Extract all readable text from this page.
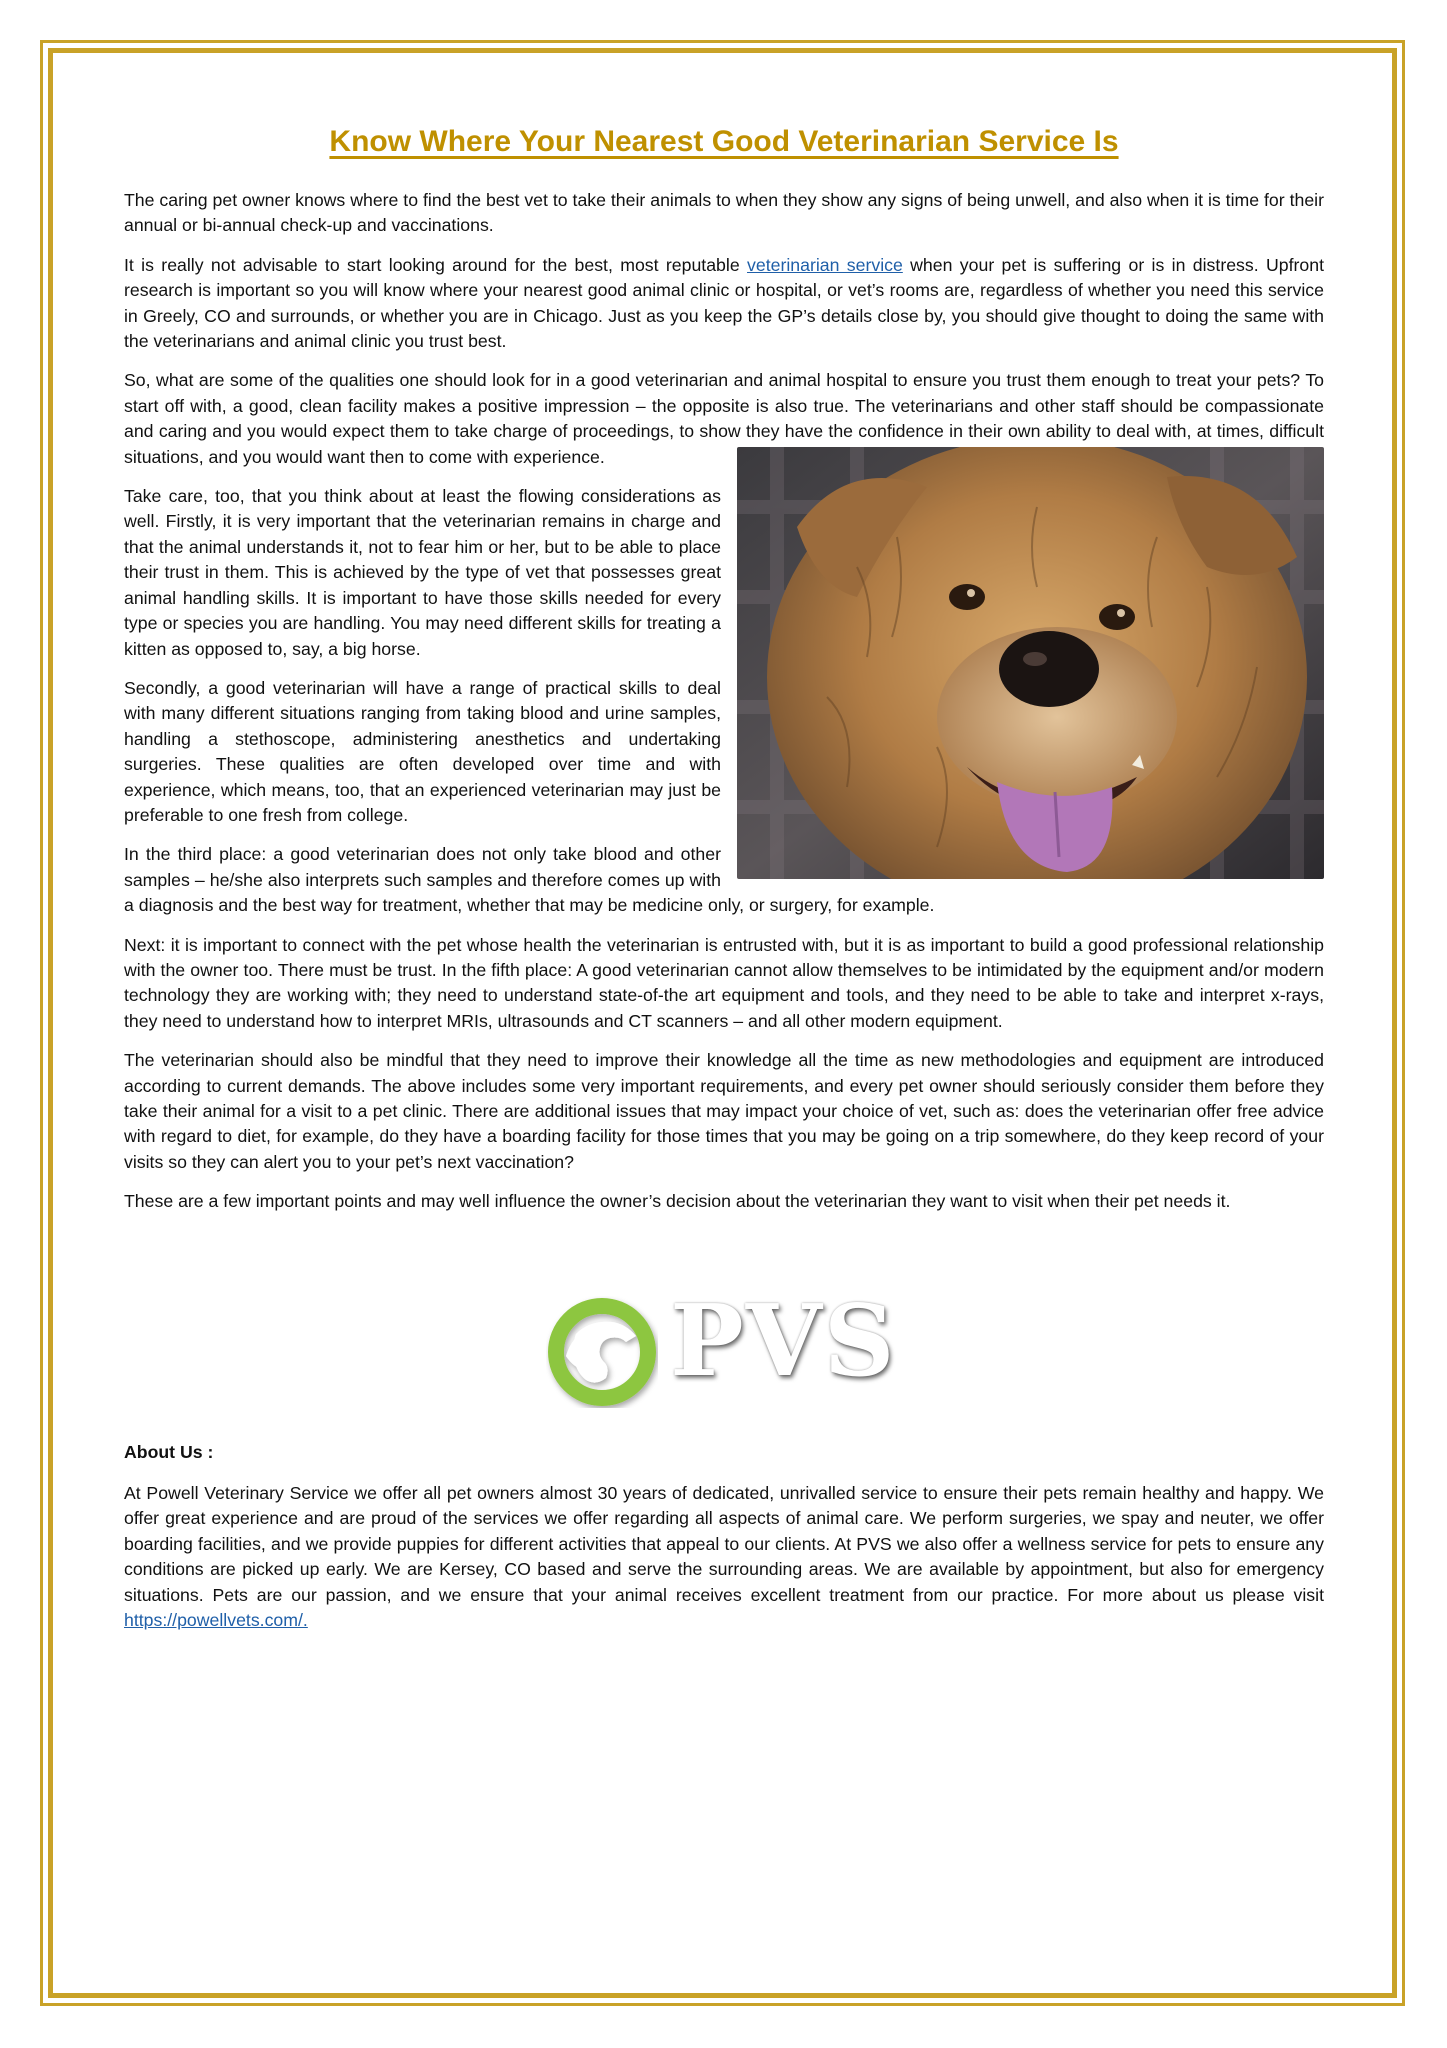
Know Where Your Nearest Good Veterinarian Service Is

The caring pet owner knows where to find the best vet to take their animals to when they show any signs of being unwell, and also when it is time for their annual or bi-annual check-up and vaccinations.

It is really not advisable to start looking around for the best, most reputable veterinarian service when your pet is suffering or is in distress. Upfront research is important so you will know where your nearest good animal clinic or hospital, or vet’s rooms are, regardless of whether you need this service in Greely, CO and surrounds, or whether you are in Chicago. Just as you keep the GP’s details close by, you should give thought to doing the same with the veterinarians and animal clinic you trust best.

So, what are some of the qualities one should look for in a good veterinarian and animal hospital to ensure you trust them enough to treat your pets? To start off with, a good, clean facility makes a positive impression – the opposite is also true. The veterinarians and other staff should be compassionate and caring and you would expect them to take charge of proceedings, to show they have the confidence in their own ability to
deal with, at times, difficult situations, and you would want then to come with experience.

Take care, too, that you think about at least the flowing considerations as well. Firstly, it is very important that the veterinarian remains in charge and that the animal understands it, not to fear him or her, but to be able to place their trust in them. This is achieved by the type of vet that possesses great animal handling skills. It is important to have those skills needed for every type or species you are handling. You may need different skills for treating a kitten as opposed to, say, a big horse.

Secondly, a good veterinarian will have a range of practical skills to deal with many different situations ranging from taking blood and urine samples, handling a stethoscope, administering anesthetics and undertaking surgeries. These qualities are often developed over time and with experience, which means, too, that an experienced veterinarian may just be preferable to one fresh from college.

In the third place: a good veterinarian does not only take blood and other samples – he/she also interprets such samples and therefore comes up with a diagnosis and the best way for treatment, whether that may be medicine only, or surgery, for example.

Next: it is important to connect with the pet whose health the veterinarian is entrusted with, but it is as important to build a good professional relationship with the owner too. There must be trust. In the fifth place: A good veterinarian cannot allow themselves to be intimidated by the equipment and/or modern technology they are working with; they need to understand state-of-the art equipment and tools, and they need to be able to take and interpret x-rays, they need to understand how to interpret MRIs, ultrasounds and CT scanners – and all other modern equipment.

The veterinarian should also be mindful that they need to improve their knowledge all the time as new methodologies and equipment are introduced according to current demands. The above includes some very important requirements, and every pet owner should seriously consider them before they take their animal for a visit to a pet clinic. There are additional issues that may impact your choice of vet, such as: does the veterinarian offer free advice with regard to diet, for example, do they have a boarding facility for those times that you may be going on a trip somewhere, do they keep record of your visits so they can alert you to your pet’s next vaccination?

These are a few important points and may well influence the owner’s decision about the veterinarian they want to visit when their pet needs it.

PVS
About Us :

At Powell Veterinary Service we offer all pet owners almost 30 years of dedicated, unrivalled service to ensure their pets remain healthy and happy. We offer great experience and are proud of the services we offer regarding all aspects of animal care. We perform surgeries, we spay and neuter, we offer boarding facilities, and we provide puppies for different activities that appeal to our clients. At PVS we also offer a wellness service for pets to ensure any conditions are picked up early. We are Kersey, CO based and serve the surrounding areas. We are available by appointment, but also for emergency situations. Pets are our passion, and we ensure that your animal receives excellent treatment from our practice. For more about us please visit https://powellvets.com/.
